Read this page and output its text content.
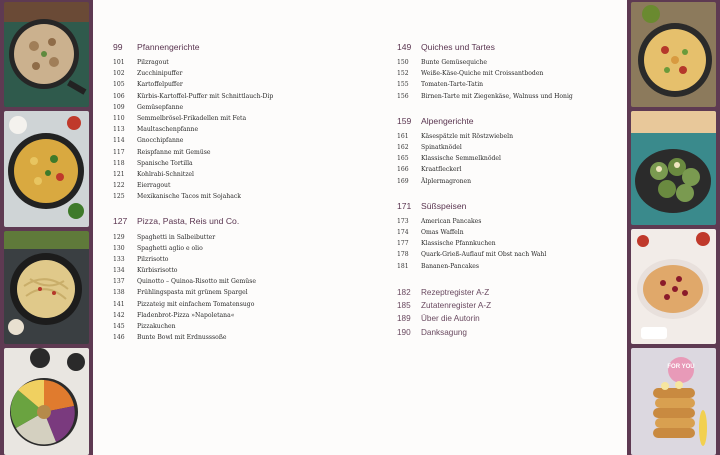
99	Pfannengerichte
101	Pilzragout
102	Zucchinipuffer
105	Kartoffelpuffer
106	Kürbis-Kartoffel-Puffer mit Schnittlauch-Dip
109	Gemüsepfanne
110	Semmelbrösel-Frikadellen mit Feta
113	Maultaschenpfanne
114	Gnocchipfanne
117	Reispfanne mit Gemüse
118	Spanische Tortilla
121	Kohlrabi-Schnitzel
122	Eierragout
125	Mexikanische Tacos mit Sojahack
127	Pizza, Pasta, Reis und Co.
129	Spaghetti in Salbeibutter
130	Spaghetti aglio e olio
133	Pilzrisotto
134	Kürbisrisotto
137	Quinotto – Quinoa-Risotto mit Gemüse
138	Frühlingspasta mit grünem Spargel
141	Pizzateig mit einfachem Tomatensugo
142	Fladenbrot-Pizza »Napoletana«
145	Pizzakuchen
146	Bunte Bowl mit Erdnusssoße
149	Quiches und Tartes
150	Bunte Gemüsequiche
152	Weiße-Käse-Quiche mit Croissantboden
155	Tomaten-Tarte-Tatin
156	Birnen-Tarte mit Ziegenkäse, Walnuss und Honig
159	Alpengerichte
161	Käsespätzle mit Röstzwiebeln
162	Spinatknödel
165	Klassische Semmelknödel
166	Kraatfleckerl
169	Älplermagronen
171	Süßspeisen
173	American Pancakes
174	Omas Waffeln
177	Klassische Pfannkuchen
178	Quark-Grieß-Auflauf mit Obst nach Wahl
181	Bananen-Pancakes
182	Rezeptregister A-Z
185	Zutatenregister A-Z
189	Über die Autorin
190	Danksagung
FOR YOU
